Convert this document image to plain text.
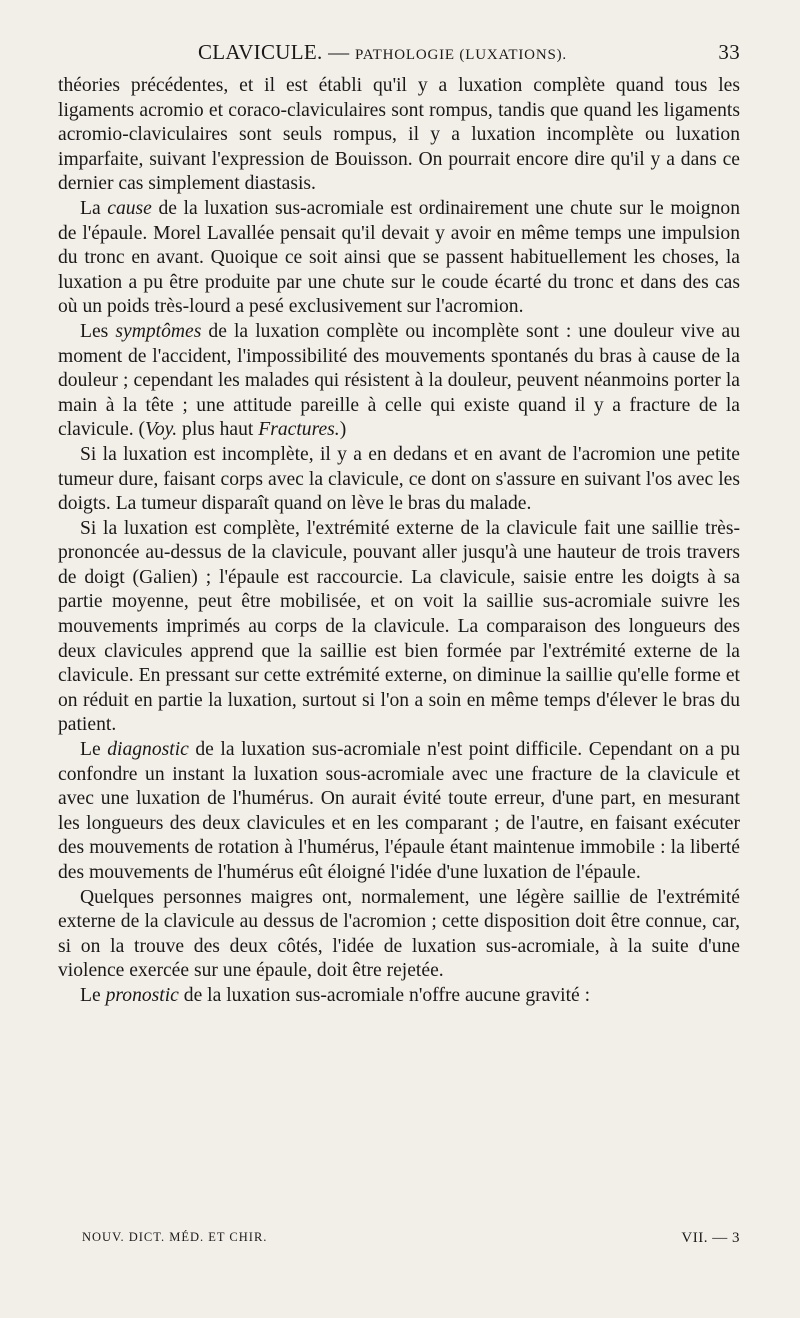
CLAVICULE. — PATHOLOGIE (LUXATIONS).	33

théories précédentes, et il est établi qu'il y a luxation complète quand tous les ligaments acromio et coraco-claviculaires sont rompus, tandis que quand les ligaments acromio-claviculaires sont seuls rompus, il y a luxation incomplète ou luxation imparfaite, suivant l'expression de Bouisson. On pourrait encore dire qu'il y a dans ce dernier cas simplement diastasis.

La cause de la luxation sus-acromiale est ordinairement une chute sur le moignon de l'épaule. Morel Lavallée pensait qu'il devait y avoir en même temps une impulsion du tronc en avant. Quoique ce soit ainsi que se passent habituellement les choses, la luxation a pu être produite par une chute sur le coude écarté du tronc et dans des cas où un poids très-lourd a pesé exclusivement sur l'acromion.

Les symptômes de la luxation complète ou incomplète sont : une douleur vive au moment de l'accident, l'impossibilité des mouvements spontanés du bras à cause de la douleur ; cependant les malades qui résistent à la douleur, peuvent néanmoins porter la main à la tête ; une attitude pareille à celle qui existe quand il y a fracture de la clavicule. (Voy. plus haut Fractures.)

Si la luxation est incomplète, il y a en dedans et en avant de l'acromion une petite tumeur dure, faisant corps avec la clavicule, ce dont on s'assure en suivant l'os avec les doigts. La tumeur disparaît quand on lève le bras du malade.

Si la luxation est complète, l'extrémité externe de la clavicule fait une saillie très-prononcée au-dessus de la clavicule, pouvant aller jusqu'à une hauteur de trois travers de doigt (Galien) ; l'épaule est raccourcie. La clavicule, saisie entre les doigts à sa partie moyenne, peut être mobilisée, et on voit la saillie sus-acromiale suivre les mouvements imprimés au corps de la clavicule. La comparaison des longueurs des deux clavicules apprend que la saillie est bien formée par l'extrémité externe de la clavicule. En pressant sur cette extrémité externe, on diminue la saillie qu'elle forme et on réduit en partie la luxation, surtout si l'on a soin en même temps d'élever le bras du patient.

Le diagnostic de la luxation sus-acromiale n'est point difficile. Cependant on a pu confondre un instant la luxation sous-acromiale avec une fracture de la clavicule et avec une luxation de l'humérus. On aurait évité toute erreur, d'une part, en mesurant les longueurs des deux clavicules et en les comparant ; de l'autre, en faisant exécuter des mouvements de rotation à l'humérus, l'épaule étant maintenue immobile : la liberté des mouvements de l'humérus eût éloigné l'idée d'une luxation de l'épaule.

Quelques personnes maigres ont, normalement, une légère saillie de l'extrémité externe de la clavicule au dessus de l'acromion ; cette disposition doit être connue, car, si on la trouve des deux côtés, l'idée de luxation sus-acromiale, à la suite d'une violence exercée sur une épaule, doit être rejetée.

Le pronostic de la luxation sus-acromiale n'offre aucune gravité :

NOUV. DICT. MÉD. ET CHIR.	VII. — 3
